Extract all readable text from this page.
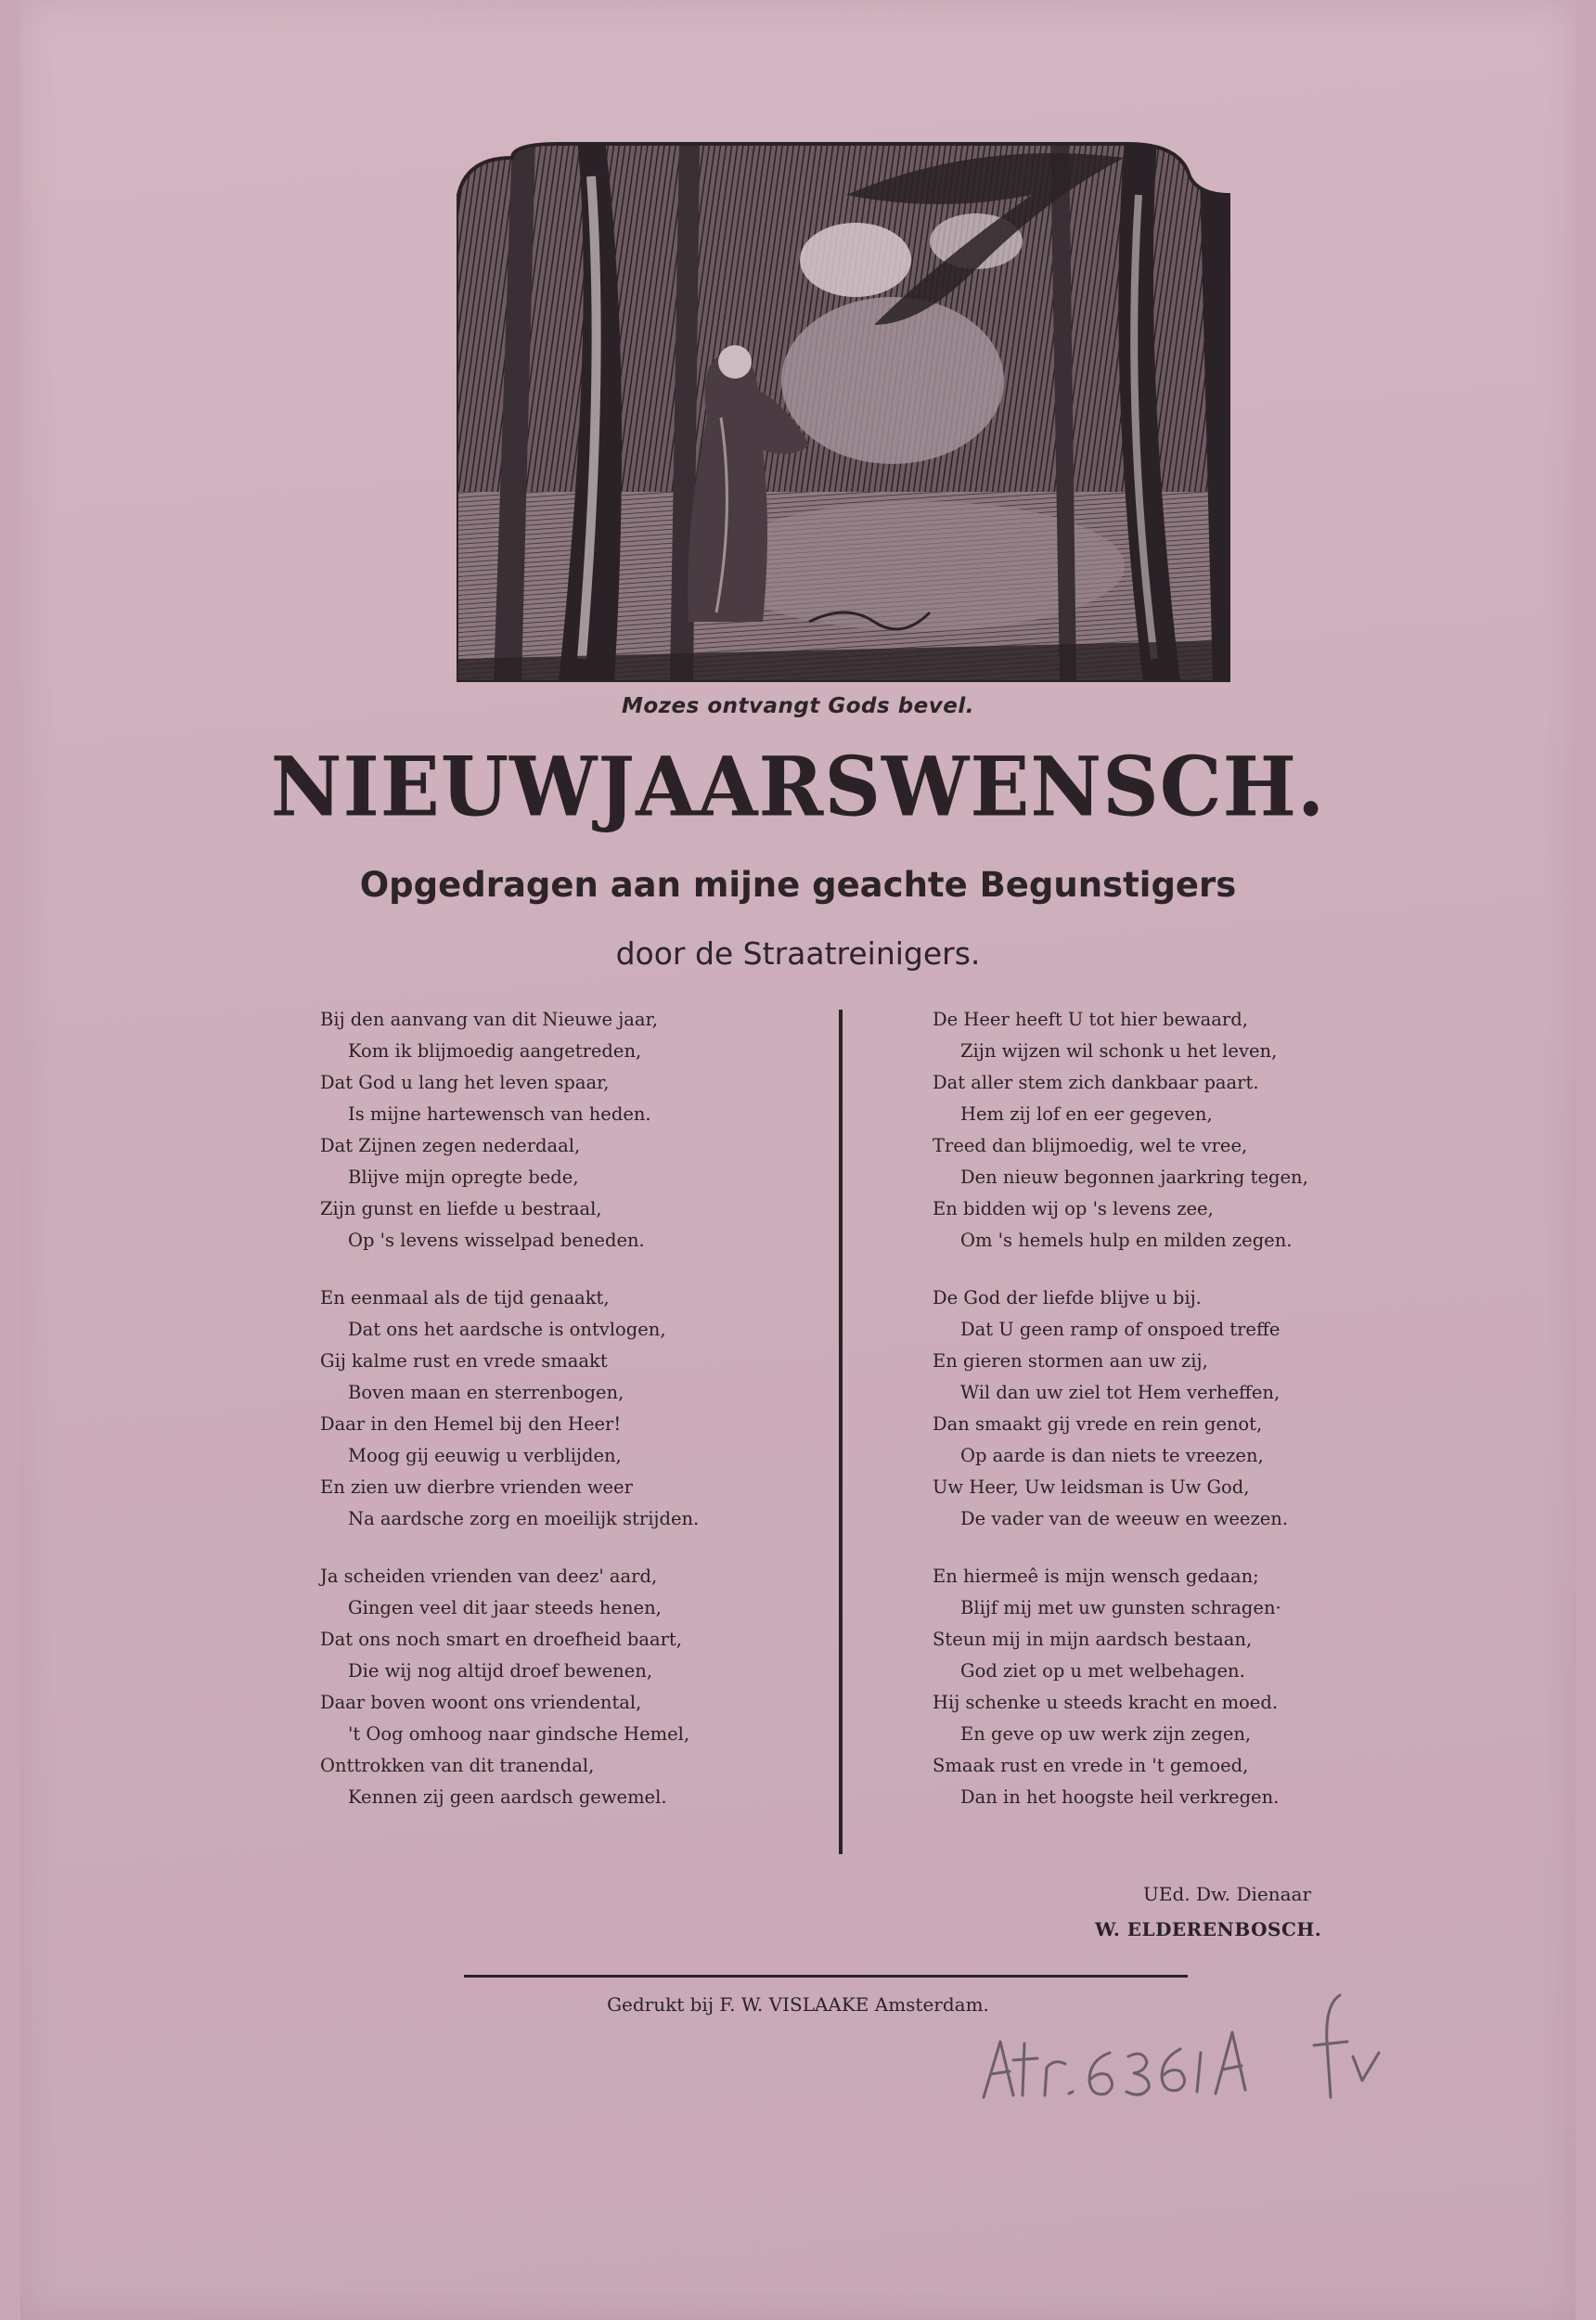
Mozes ontvangt Gods bevel.
NIEUWJAARSWENSCH.
Opgedragen aan mijne geachte Begunstigers
door de Straatreinigers.
Bij den aanvang van dit Nieuwe jaar,
Kom ik blijmoedig aangetreden,
Dat God u lang het leven spaar,
Is mijne hartewensch van heden.
Dat Zijnen zegen nederdaal,
Blijve mijn opregte bede,
Zijn gunst en liefde u bestraal,
Op 's levens wisselpad beneden.
En eenmaal als de tijd genaakt,
Dat ons het aardsche is ontvlogen,
Gij kalme rust en vrede smaakt
Boven maan en sterrenbogen,
Daar in den Hemel bij den Heer!
Moog gij eeuwig u verblijden,
En zien uw dierbre vrienden weer
Na aardsche zorg en moeilijk strijden.
Ja scheiden vrienden van deez' aard,
Gingen veel dit jaar steeds henen,
Dat ons noch smart en droefheid baart,
Die wij nog altijd droef bewenen,
Daar boven woont ons vriendental,
't Oog omhoog naar gindsche Hemel,
Onttrokken van dit tranendal,
Kennen zij geen aardsch gewemel.
De Heer heeft U tot hier bewaard,
Zijn wijzen wil schonk u het leven,
Dat aller stem zich dankbaar paart.
Hem zij lof en eer gegeven,
Treed dan blijmoedig, wel te vree,
Den nieuw begonnen jaarkring tegen,
En bidden wij op 's levens zee,
Om 's hemels hulp en milden zegen.
De God der liefde blijve u bij.
Dat U geen ramp of onspoed treffe
En gieren stormen aan uw zij,
Wil dan uw ziel tot Hem verheffen,
Dan smaakt gij vrede en rein genot,
Op aarde is dan niets te vreezen,
Uw Heer, Uw leidsman is Uw God,
De vader van de weeuw en weezen.
En hiermeê is mijn wensch gedaan;
Blijf mij met uw gunsten schragen·
Steun mij in mijn aardsch bestaan,
God ziet op u met welbehagen.
Hij schenke u steeds kracht en moed.
En geve op uw werk zijn zegen,
Smaak rust en vrede in 't gemoed,
Dan in het hoogste heil verkregen.
UEd. Dw. Dienaar
W. ELDERENBOSCH.
Gedrukt bij F. W. VISLAAKE Amsterdam.
